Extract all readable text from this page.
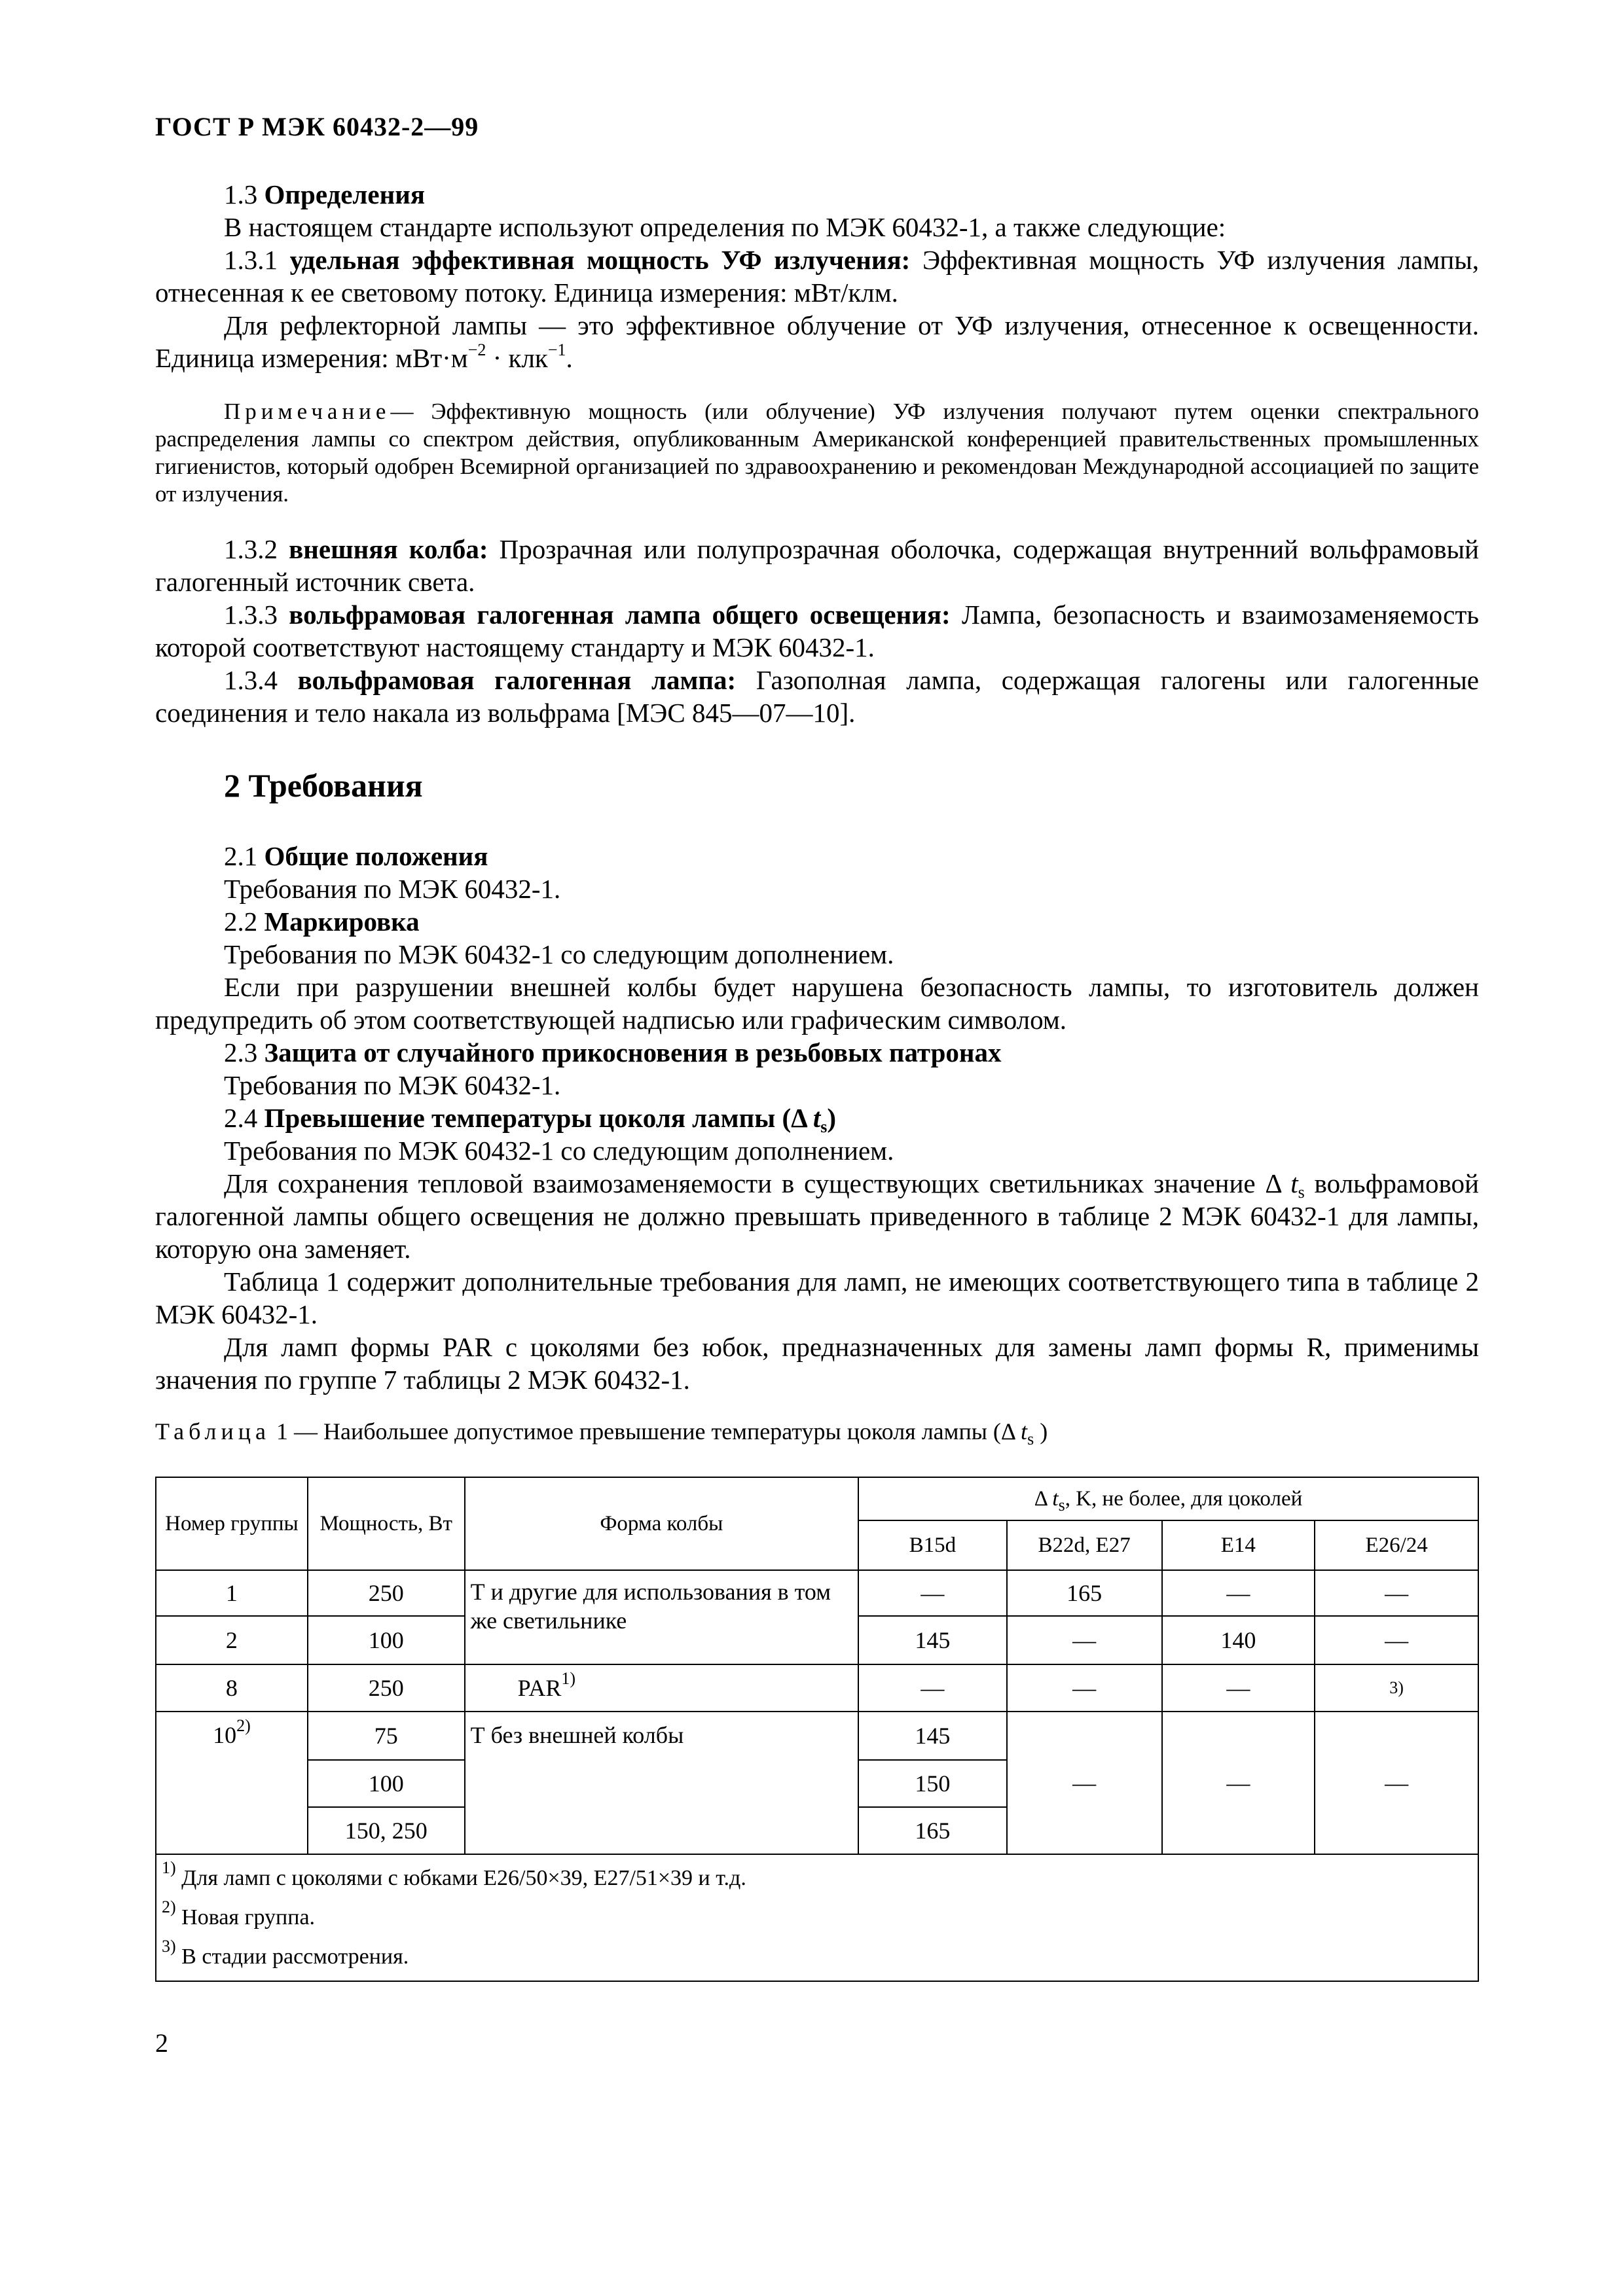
ГОСТ Р МЭК 60432-2—99

1.3 Определения

В настоящем стандарте используют определения по МЭК 60432-1, а также следующие:

1.3.1 удельная эффективная мощность УФ излучения: Эффективная мощность УФ излучения лампы, отнесенная к ее световому потоку. Единица измерения: мВт/клм.

Для рефлекторной лампы — это эффективное облучение от УФ излучения, отнесенное к освещенности. Единица измерения: $мВт\cdot м^{-2} \cdot клк^{-1}$.

Примечание— Эффективную мощность (или облучение) УФ излучения получают путем оценки спектрального распределения лампы со спектром действия, опубликованным Американской конференцией правительственных промышленных гигиенистов, который одобрен Всемирной организацией по здравоохранению и рекомендован Международной ассоциацией по защите от излучения.

1.3.2 внешняя колба: Прозрачная или полупрозрачная оболочка, содержащая внутренний вольфрамовый галогенный источник света.

1.3.3 вольфрамовая галогенная лампа общего освещения: Лампа, безопасность и взаимозаменяемость которой соответствуют настоящему стандарту и МЭК 60432-1.

1.3.4 вольфрамовая галогенная лампа: Газополная лампа, содержащая галогены или галогенные соединения и тело накала из вольфрама [МЭС 845—07—10].

2 Требования

2.1 Общие положения

Требования по МЭК 60432-1.

2.2 Маркировка

Требования по МЭК 60432-1 со следующим дополнением.

Если при разрушении внешней колбы будет нарушена безопасность лампы, то изготовитель должен предупредить об этом соответствующей надписью или графическим символом.

2.3 Защита от случайного прикосновения в резьбовых патронах

Требования по МЭК 60432-1.

2.4 Превышение температуры цоколя лампы (Δ $t_s$)

Требования по МЭК 60432-1 со следующим дополнением.

Для сохранения тепловой взаимозаменяемости в существующих светильниках значение Δ $t_s$ вольфрамовой галогенной лампы общего освещения не должно превышать приведенного в таблице 2 МЭК 60432-1 для лампы, которую она заменяет.

Таблица 1 содержит дополнительные требования для ламп, не имеющих соответствующего типа в таблице 2 МЭК 60432-1.

Для ламп формы PAR с цоколями без юбок, предназначенных для замены ламп формы R, применимы значения по группе 7 таблицы 2 МЭК 60432-1.

Таблица 1 — Наибольшее допустимое превышение температуры цоколя лампы (Δ $t_s$ )
Номер группы	Мощность, Вт	Форма колбы	Δ $t_s$, K, не более, для цоколей			
			B15d	B22d, E27	E14	E26/24
1	250	Т и другие для использования в том же светильнике	—	165	—	—
2	100		145	—	140	—
8	250	PAR$^{1)}$	—	—	—	3)
10$^{2)}$	75	Т без внешней колбы	145	—	—	—
	100		150			
	150, 250		165			

$^{1)}$ Для ламп с цоколями с юбками E26/50×39, E27/51×39 и т.д.
$^{2)}$ Новая группа.
$^{3)}$ В стадии рассмотрения.						
2
